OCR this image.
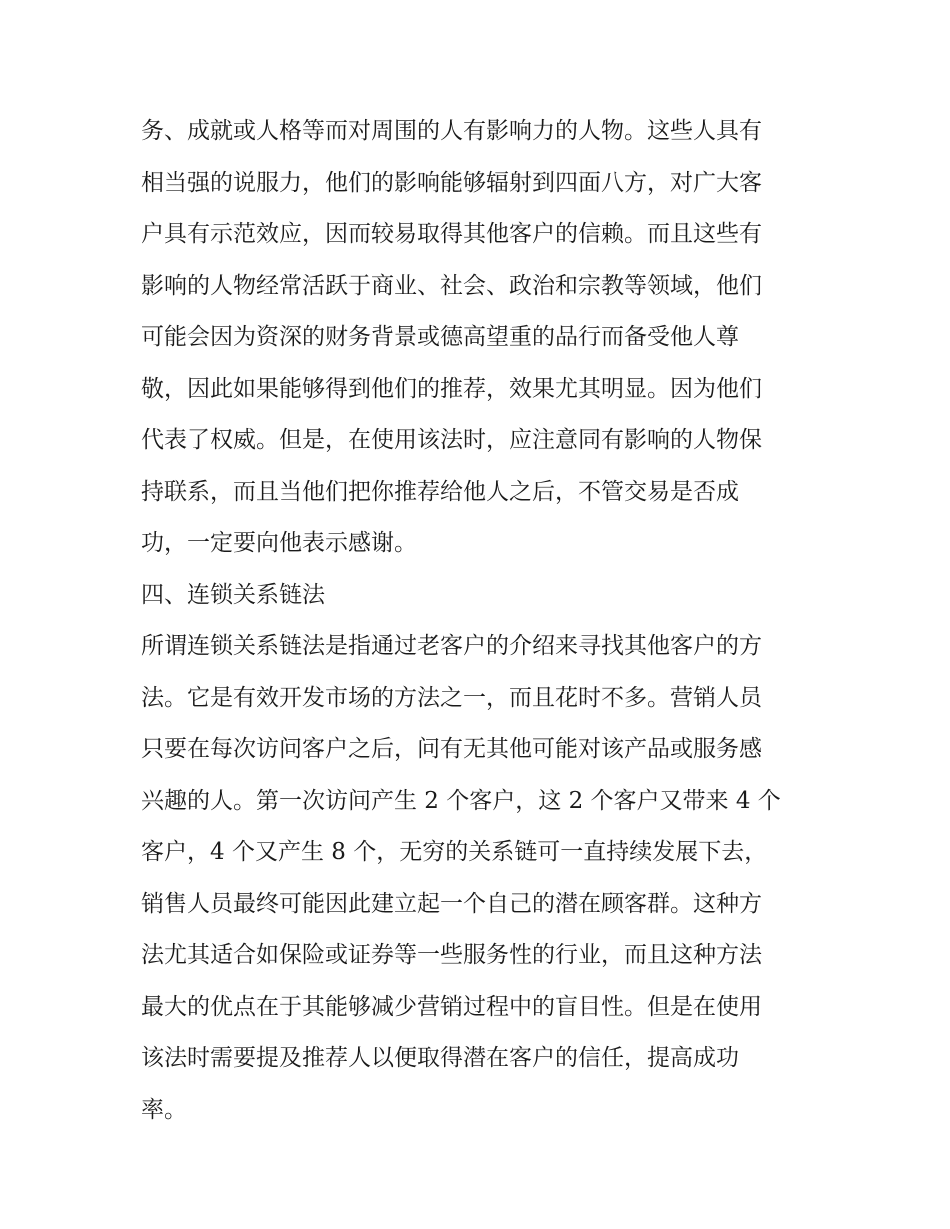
务、成就或人格等而对周围的人有影响力的人物。这些人具有
相当强的说服力，他们的影响能够辐射到四面八方，对广大客
户具有示范效应，因而较易取得其他客户的信赖。而且这些有
影响的人物经常活跃于商业、社会、政治和宗教等领域，他们
可能会因为资深的财务背景或德高望重的品行而备受他人尊
敬，因此如果能够得到他们的推荐，效果尤其明显。因为他们
代表了权威。但是，在使用该法时，应注意同有影响的人物保
持联系，而且当他们把你推荐给他人之后，不管交易是否成
功，一定要向他表示感谢。
四、连锁关系链法
所谓连锁关系链法是指通过老客户的介绍来寻找其他客户的方
法。它是有效开发市场的方法之一，而且花时不多。营销人员
只要在每次访问客户之后，问有无其他可能对该产品或服务感
兴趣的人。第一次访问产生 2 个客户，这 2 个客户又带来 4 个
客户，4 个又产生 8 个，无穷的关系链可一直持续发展下去，
销售人员最终可能因此建立起一个自己的潜在顾客群。这种方
法尤其适合如保险或证券等一些服务性的行业，而且这种方法
最大的优点在于其能够减少营销过程中的盲目性。但是在使用
该法时需要提及推荐人以便取得潜在客户的信任，提高成功
率。
